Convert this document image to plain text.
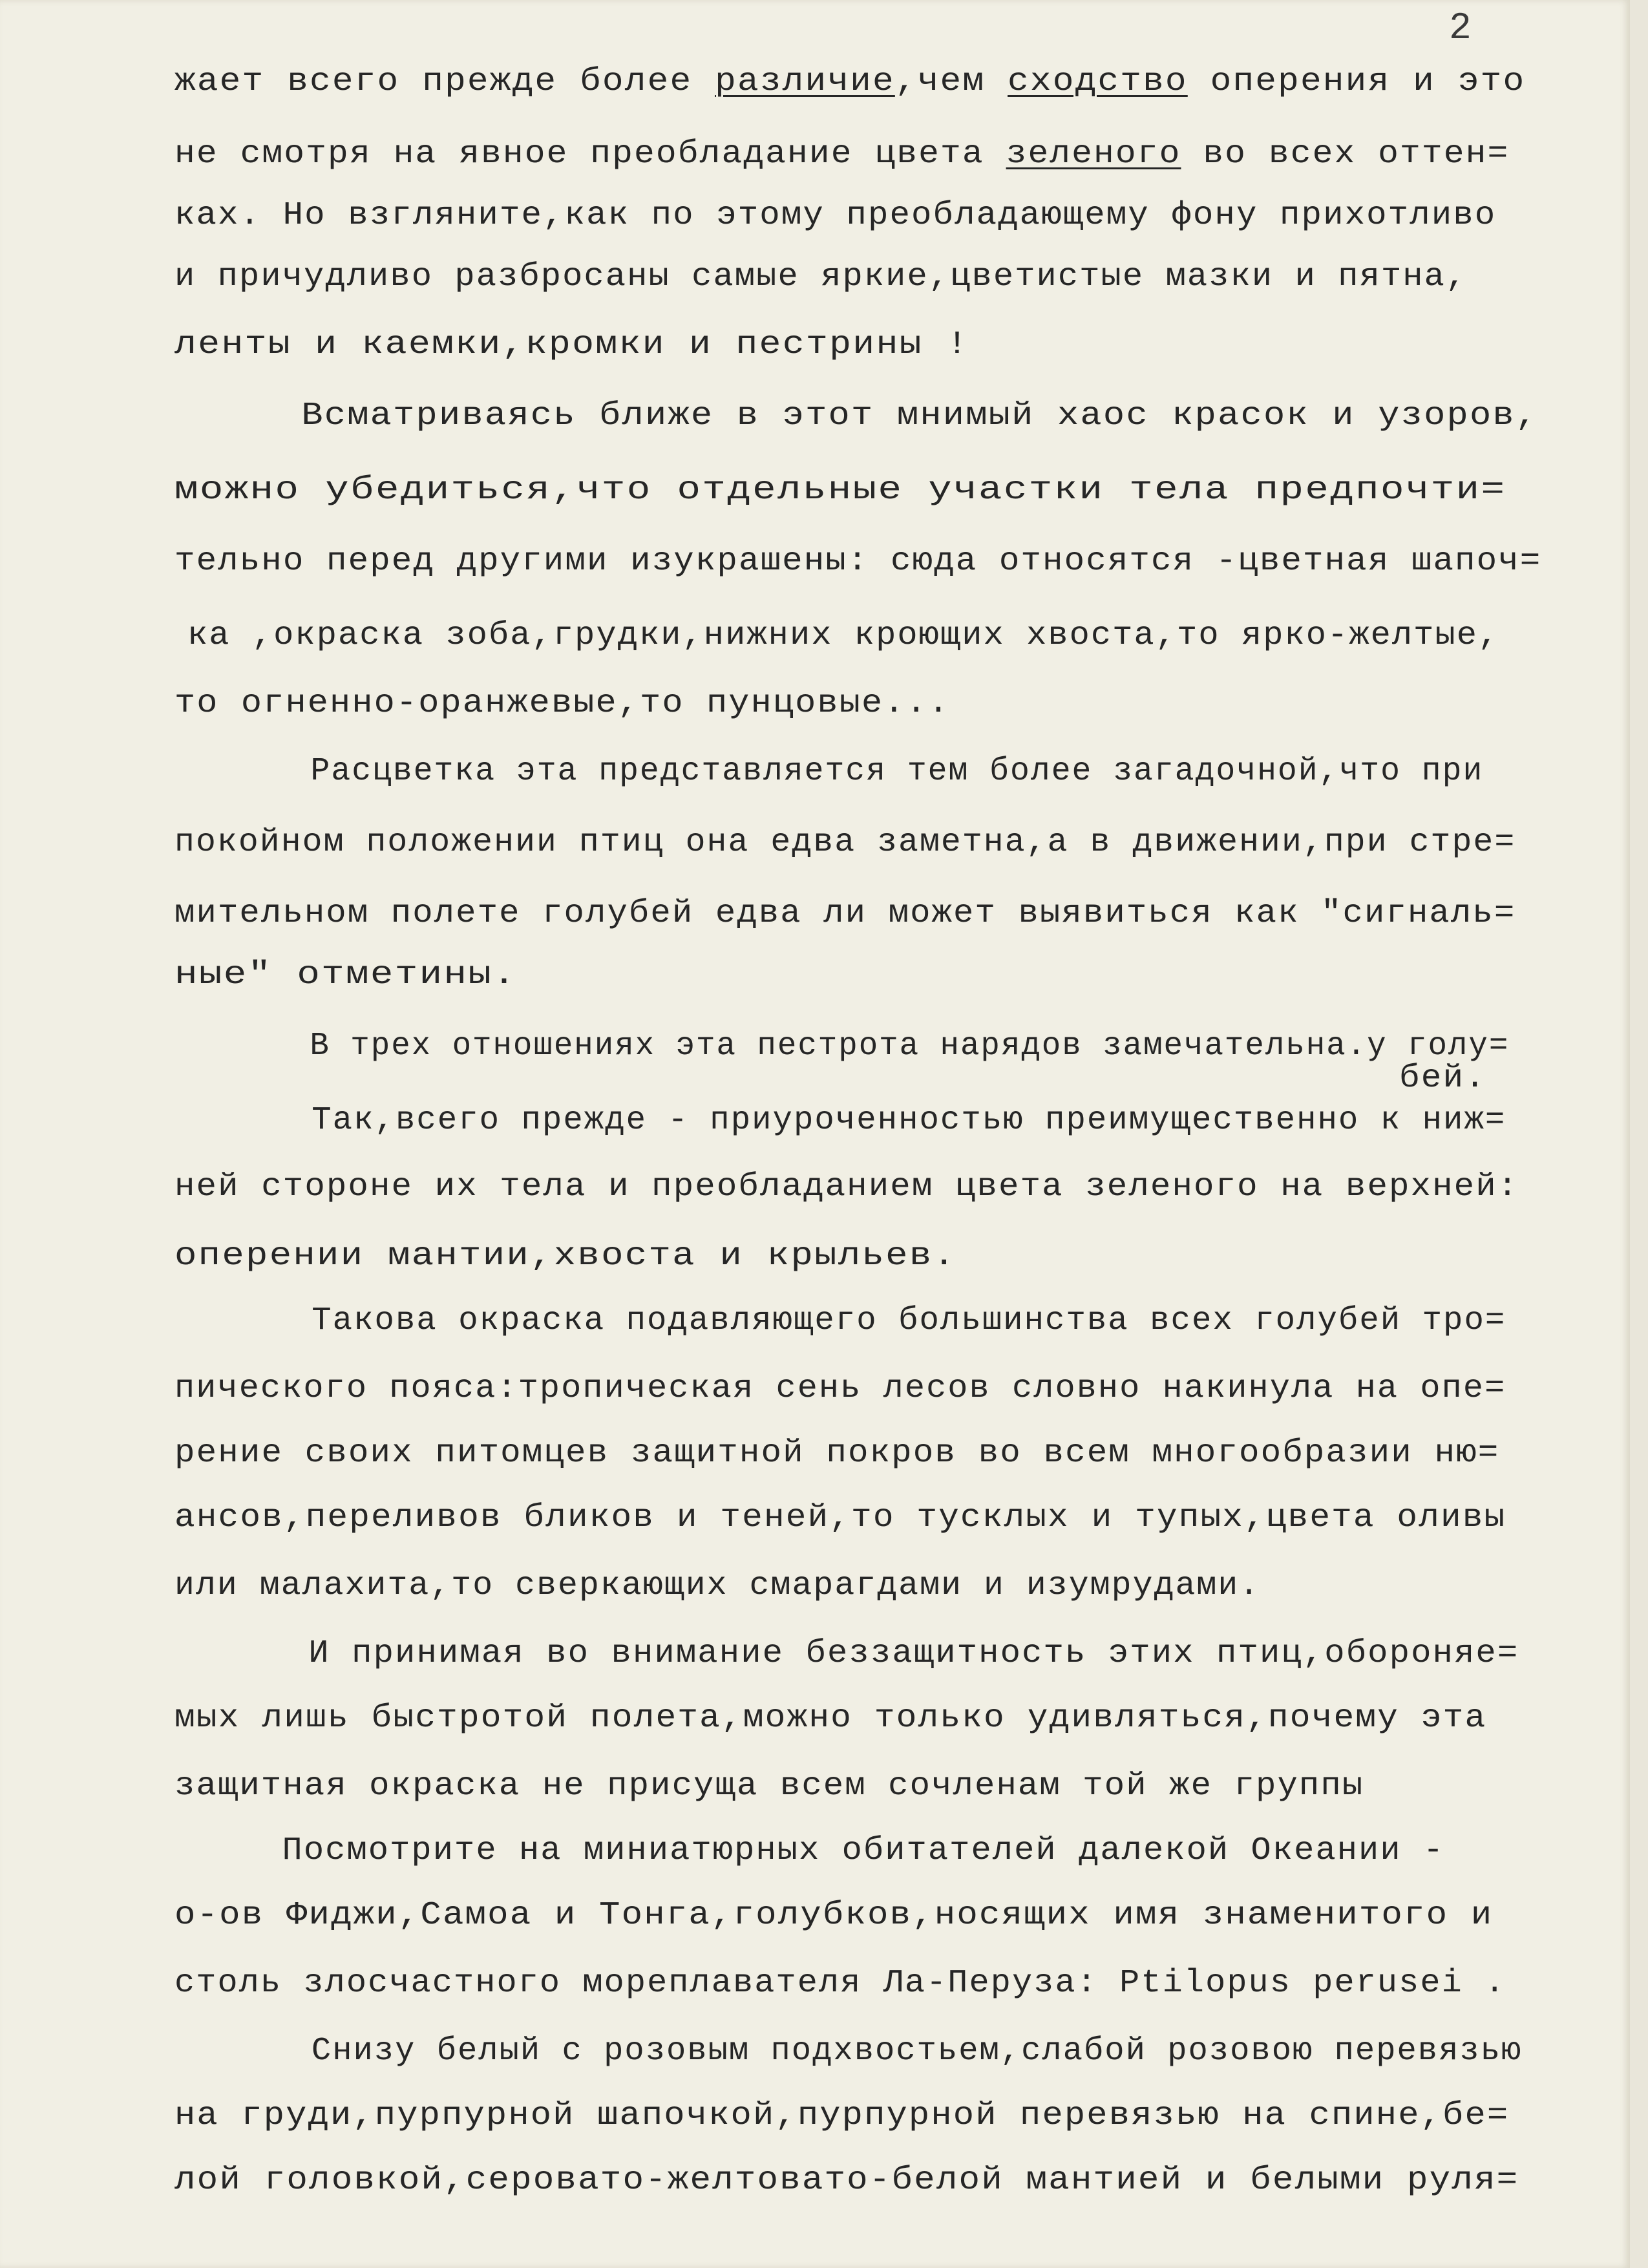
2
жает всего прежде более различие,чем сходство оперения и это
не смотря на явное преобладание цвета зеленого во всех оттен=
ках. Но взгляните,как по этому преобладающему фону прихотливо
и причудливо разбросаны самые яркие,цветистые мазки и пятна,
ленты и каемки,кромки и пестрины !
Всматриваясь ближе в этот мнимый хаос красок и узоров,
можно убедиться,что отдельные участки тела предпочти=
тельно перед другими изукрашены: сюда относятся -цветная шапоч=
ка ,окраска зоба,грудки,нижних кроющих хвоста,то ярко-желтые,
то огненно-оранжевые,то пунцовые...
Расцветка эта представляется тем более загадочной,что при
покойном положении птиц она едва заметна,а в движении,при стре=
мительном полете голубей едва ли может выявиться как "сигналь=
ные" отметины.
В трех отношениях эта пестрота нарядов замечательна.у голу=
бей.
Так,всего прежде - приуроченностью преимущественно к ниж=
ней стороне их тела и преобладанием цвета зеленого на верхней:
оперении мантии,хвоста и крыльев.
Такова окраска подавляющего большинства всех голубей тро=
пического пояса:тропическая сень лесов словно накинула на опе=
рение своих питомцев защитной покров во всем многообразии ню=
ансов,переливов бликов и теней,то тусклых и тупых,цвета оливы
или малахита,то сверкающих смарагдами и изумрудами.
И принимая во внимание беззащитность этих птиц,обороняе=
мых лишь быстротой полета,можно только удивляться,почему эта
защитная окраска не присуща всем сочленам той же группы
Посмотрите на миниатюрных обитателей далекой Океании -
о-ов Фиджи,Самоа и Тонга,голубков,носящих имя знаменитого и
столь злосчастного мореплавателя Ла-Перуза: Ptilopus perusei .
Снизу белый с розовым подхвостьем,слабой розовою перевязью
на груди,пурпурной шапочкой,пурпурной перевязью на спине,бе=
лой головкой,серовато-желтовато-белой мантией и белыми руля=
